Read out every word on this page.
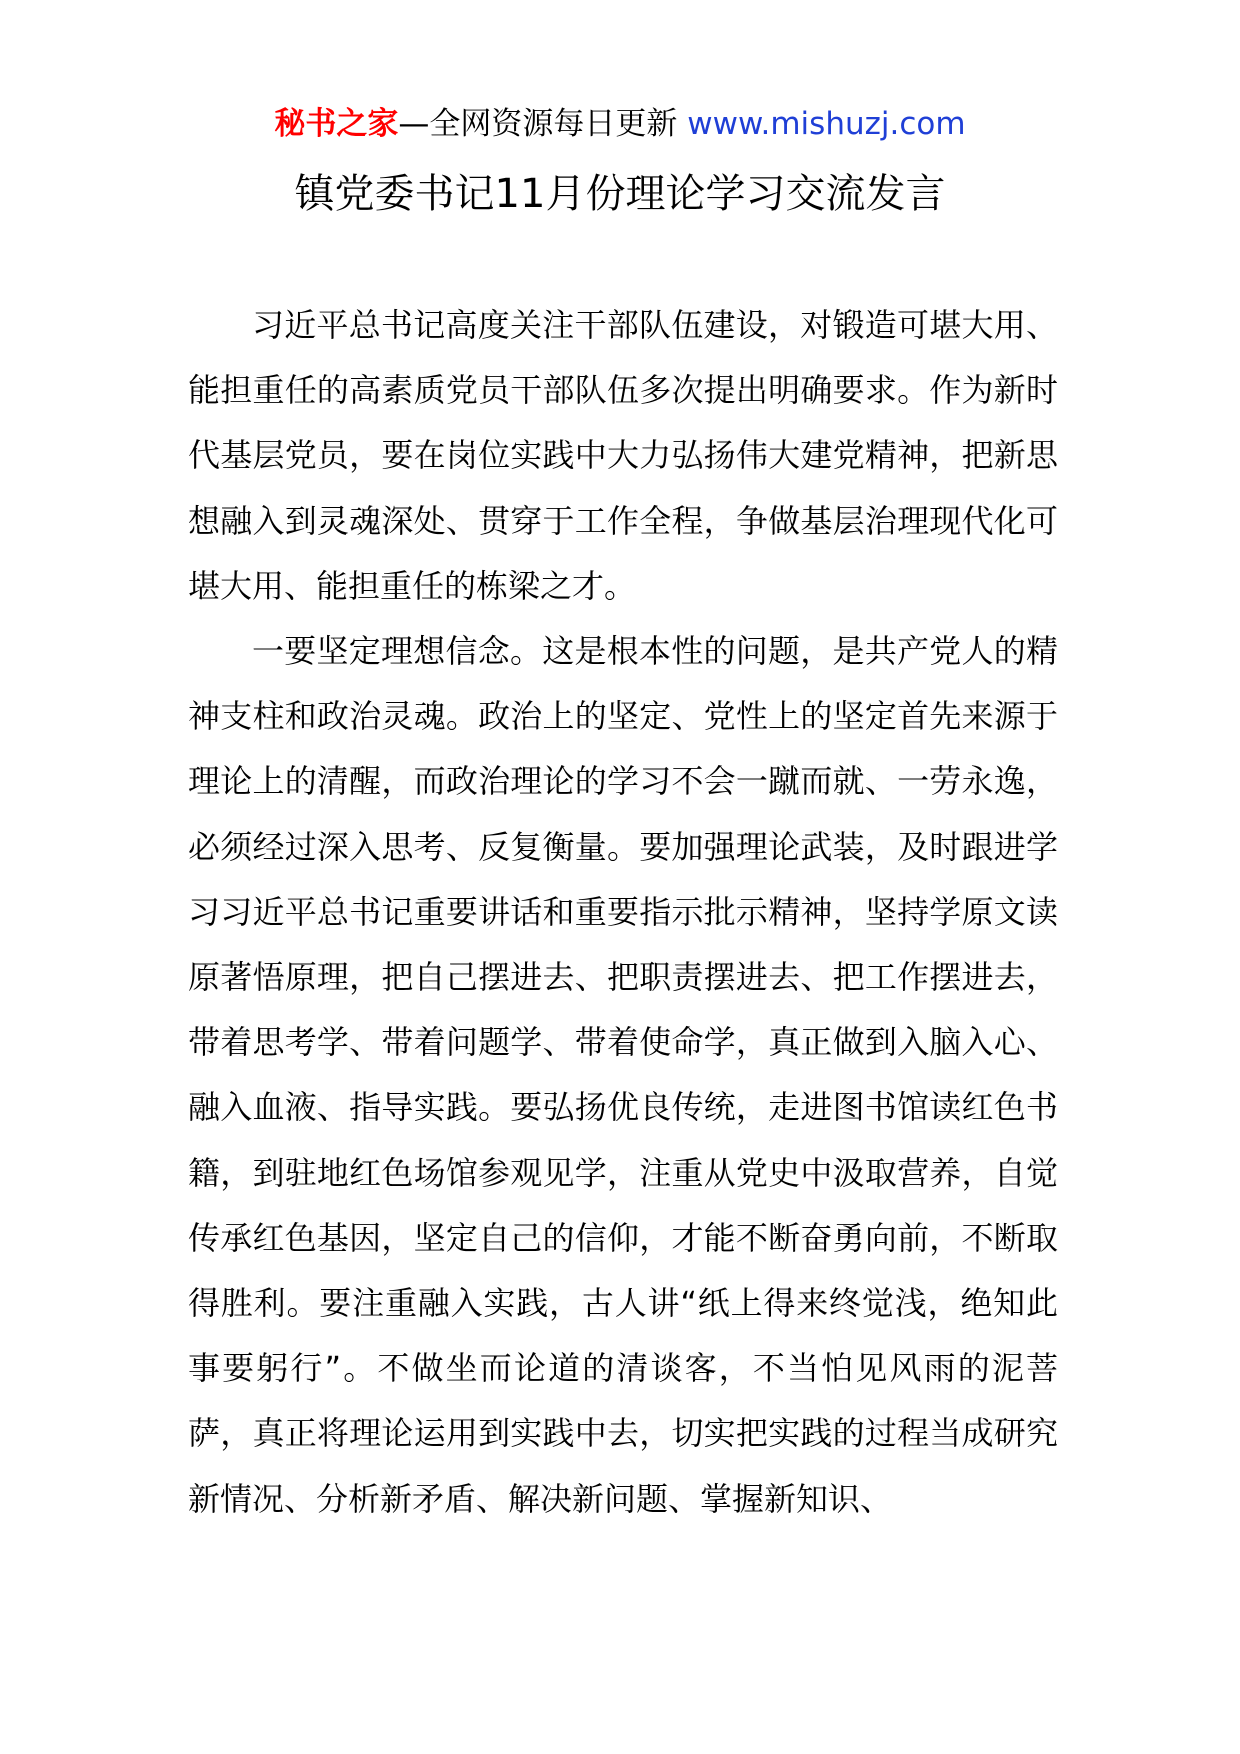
秘书之家—全网资源每日更新 www.mishuzj.com
镇党委书记11月份理论学习交流发言

习近平总书记高度关注干部队伍建设，对锻造可堪大用、能担重任的高素质党员干部队伍多次提出明确要求。作为新时代基层党员，要在岗位实践中大力弘扬伟大建党精神，把新思想融入到灵魂深处、贯穿于工作全程，争做基层治理现代化可堪大用、能担重任的栋梁之才。

一要坚定理想信念。这是根本性的问题，是共产党人的精神支柱和政治灵魂。政治上的坚定、党性上的坚定首先来源于理论上的清醒，而政治理论的学习不会一蹴而就、一劳永逸，必须经过深入思考、反复衡量。要加强理论武装，及时跟进学习习近平总书记重要讲话和重要指示批示精神，坚持学原文读原著悟原理，把自己摆进去、把职责摆进去、把工作摆进去，带着思考学、带着问题学、带着使命学，真正做到入脑入心、融入血液、指导实践。要弘扬优良传统，走进图书馆读红色书籍，到驻地红色场馆参观见学，注重从党史中汲取营养，自觉传承红色基因，坚定自己的信仰，才能不断奋勇向前，不断取得胜利。要注重融入实践，古人讲“纸上得来终觉浅，绝知此事要躬行”。不做坐而论道的清谈客，不当怕见风雨的泥菩萨，真正将理论运用到实践中去，切实把实践的过程当成研究新情况、分析新矛盾、解决新问题、掌握新知识、
